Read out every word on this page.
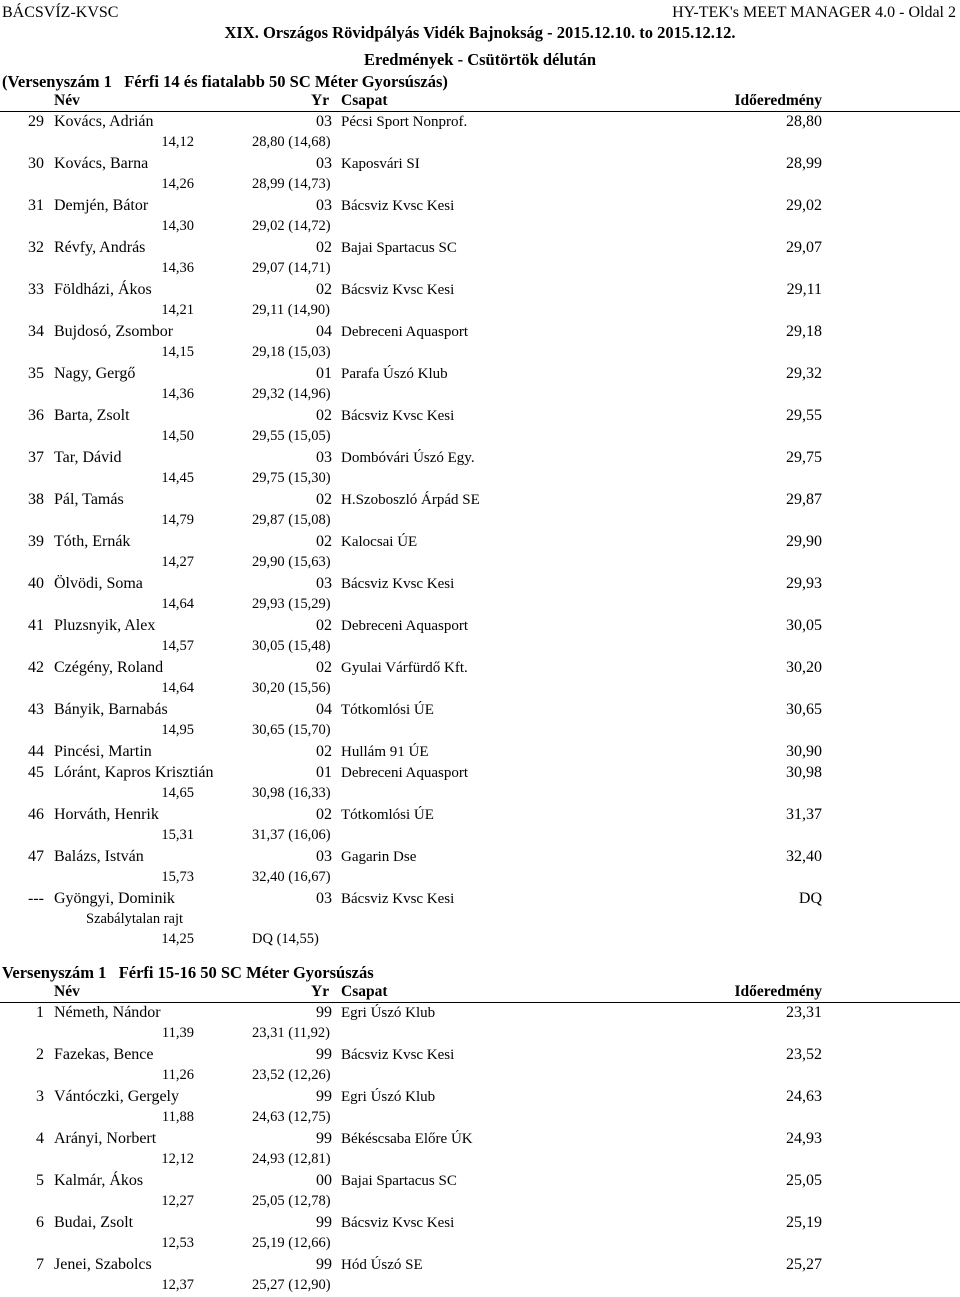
BÁCSVÍZ-KVSC	HY-TEK's MEET MANAGER 4.0 - Oldal 2
XIX. Országos Rövidpályás Vidék Bajnokság - 2015.12.10. to 2015.12.12.
Eredmények - Csütörtök délután
(Versenyszám 1   Férfi 14 és fiatalabb 50 SC Méter Gyorsúszás)
Név	Yr Csapat	Időeredmény
29 Kovács, Adrián	03 Pécsi Sport Nonprof.	28,80
14,12	28,80 (14,68)
30 Kovács, Barna	03 Kaposvári SI	28,99
14,26	28,99 (14,73)
31 Demjén, Bátor	03 Bácsviz Kvsc Kesi	29,02
14,30	29,02 (14,72)
32 Révfy, András	02 Bajai Spartacus SC	29,07
14,36	29,07 (14,71)
33 Földházi, Ákos	02 Bácsviz Kvsc Kesi	29,11
14,21	29,11 (14,90)
34 Bujdosó, Zsombor	04 Debreceni Aquasport	29,18
14,15	29,18 (15,03)
35 Nagy, Gergő	01 Parafa Úszó Klub	29,32
14,36	29,32 (14,96)
36 Barta, Zsolt	02 Bácsviz Kvsc Kesi	29,55
14,50	29,55 (15,05)
37 Tar, Dávid	03 Dombóvári Úszó Egy.	29,75
14,45	29,75 (15,30)
38 Pál, Tamás	02 H.Szoboszló Árpád SE	29,87
14,79	29,87 (15,08)
39 Tóth, Ernák	02 Kalocsai ÚE	29,90
14,27	29,90 (15,63)
40 Ölvödi, Soma	03 Bácsviz Kvsc Kesi	29,93
14,64	29,93 (15,29)
41 Pluzsnyik, Alex	02 Debreceni Aquasport	30,05
14,57	30,05 (15,48)
42 Czégény, Roland	02 Gyulai Várfürdő Kft.	30,20
14,64	30,20 (15,56)
43 Bányik, Barnabás	04 Tótkomlósi ÚE	30,65
14,95	30,65 (15,70)
44 Pincési, Martin	02 Hullám 91 ÚE	30,90
45 Lóránt, Kapros Krisztián	01 Debreceni Aquasport	30,98
14,65	30,98 (16,33)
46 Horváth, Henrik	02 Tótkomlósi ÚE	31,37
15,31	31,37 (16,06)
47 Balázs, István	03 Gagarin Dse	32,40
15,73	32,40 (16,67)
--- Gyöngyi, Dominik	03 Bácsviz Kvsc Kesi	DQ
Szabálytalan rajt
14,25	DQ (14,55)
Versenyszám 1   Férfi 15-16 50 SC Méter Gyorsúszás
Név	Yr Csapat	Időeredmény
1 Németh, Nándor	99 Egri Úszó Klub	23,31
11,39	23,31 (11,92)
2 Fazekas, Bence	99 Bácsviz Kvsc Kesi	23,52
11,26	23,52 (12,26)
3 Vántóczki, Gergely	99 Egri Úszó Klub	24,63
11,88	24,63 (12,75)
4 Arányi, Norbert	99 Békéscsaba Előre ÚK	24,93
12,12	24,93 (12,81)
5 Kalmár, Ákos	00 Bajai Spartacus SC	25,05
12,27	25,05 (12,78)
6 Budai, Zsolt	99 Bácsviz Kvsc Kesi	25,19
12,53	25,19 (12,66)
7 Jenei, Szabolcs	99 Hód Úszó SE	25,27
12,37	25,27 (12,90)
